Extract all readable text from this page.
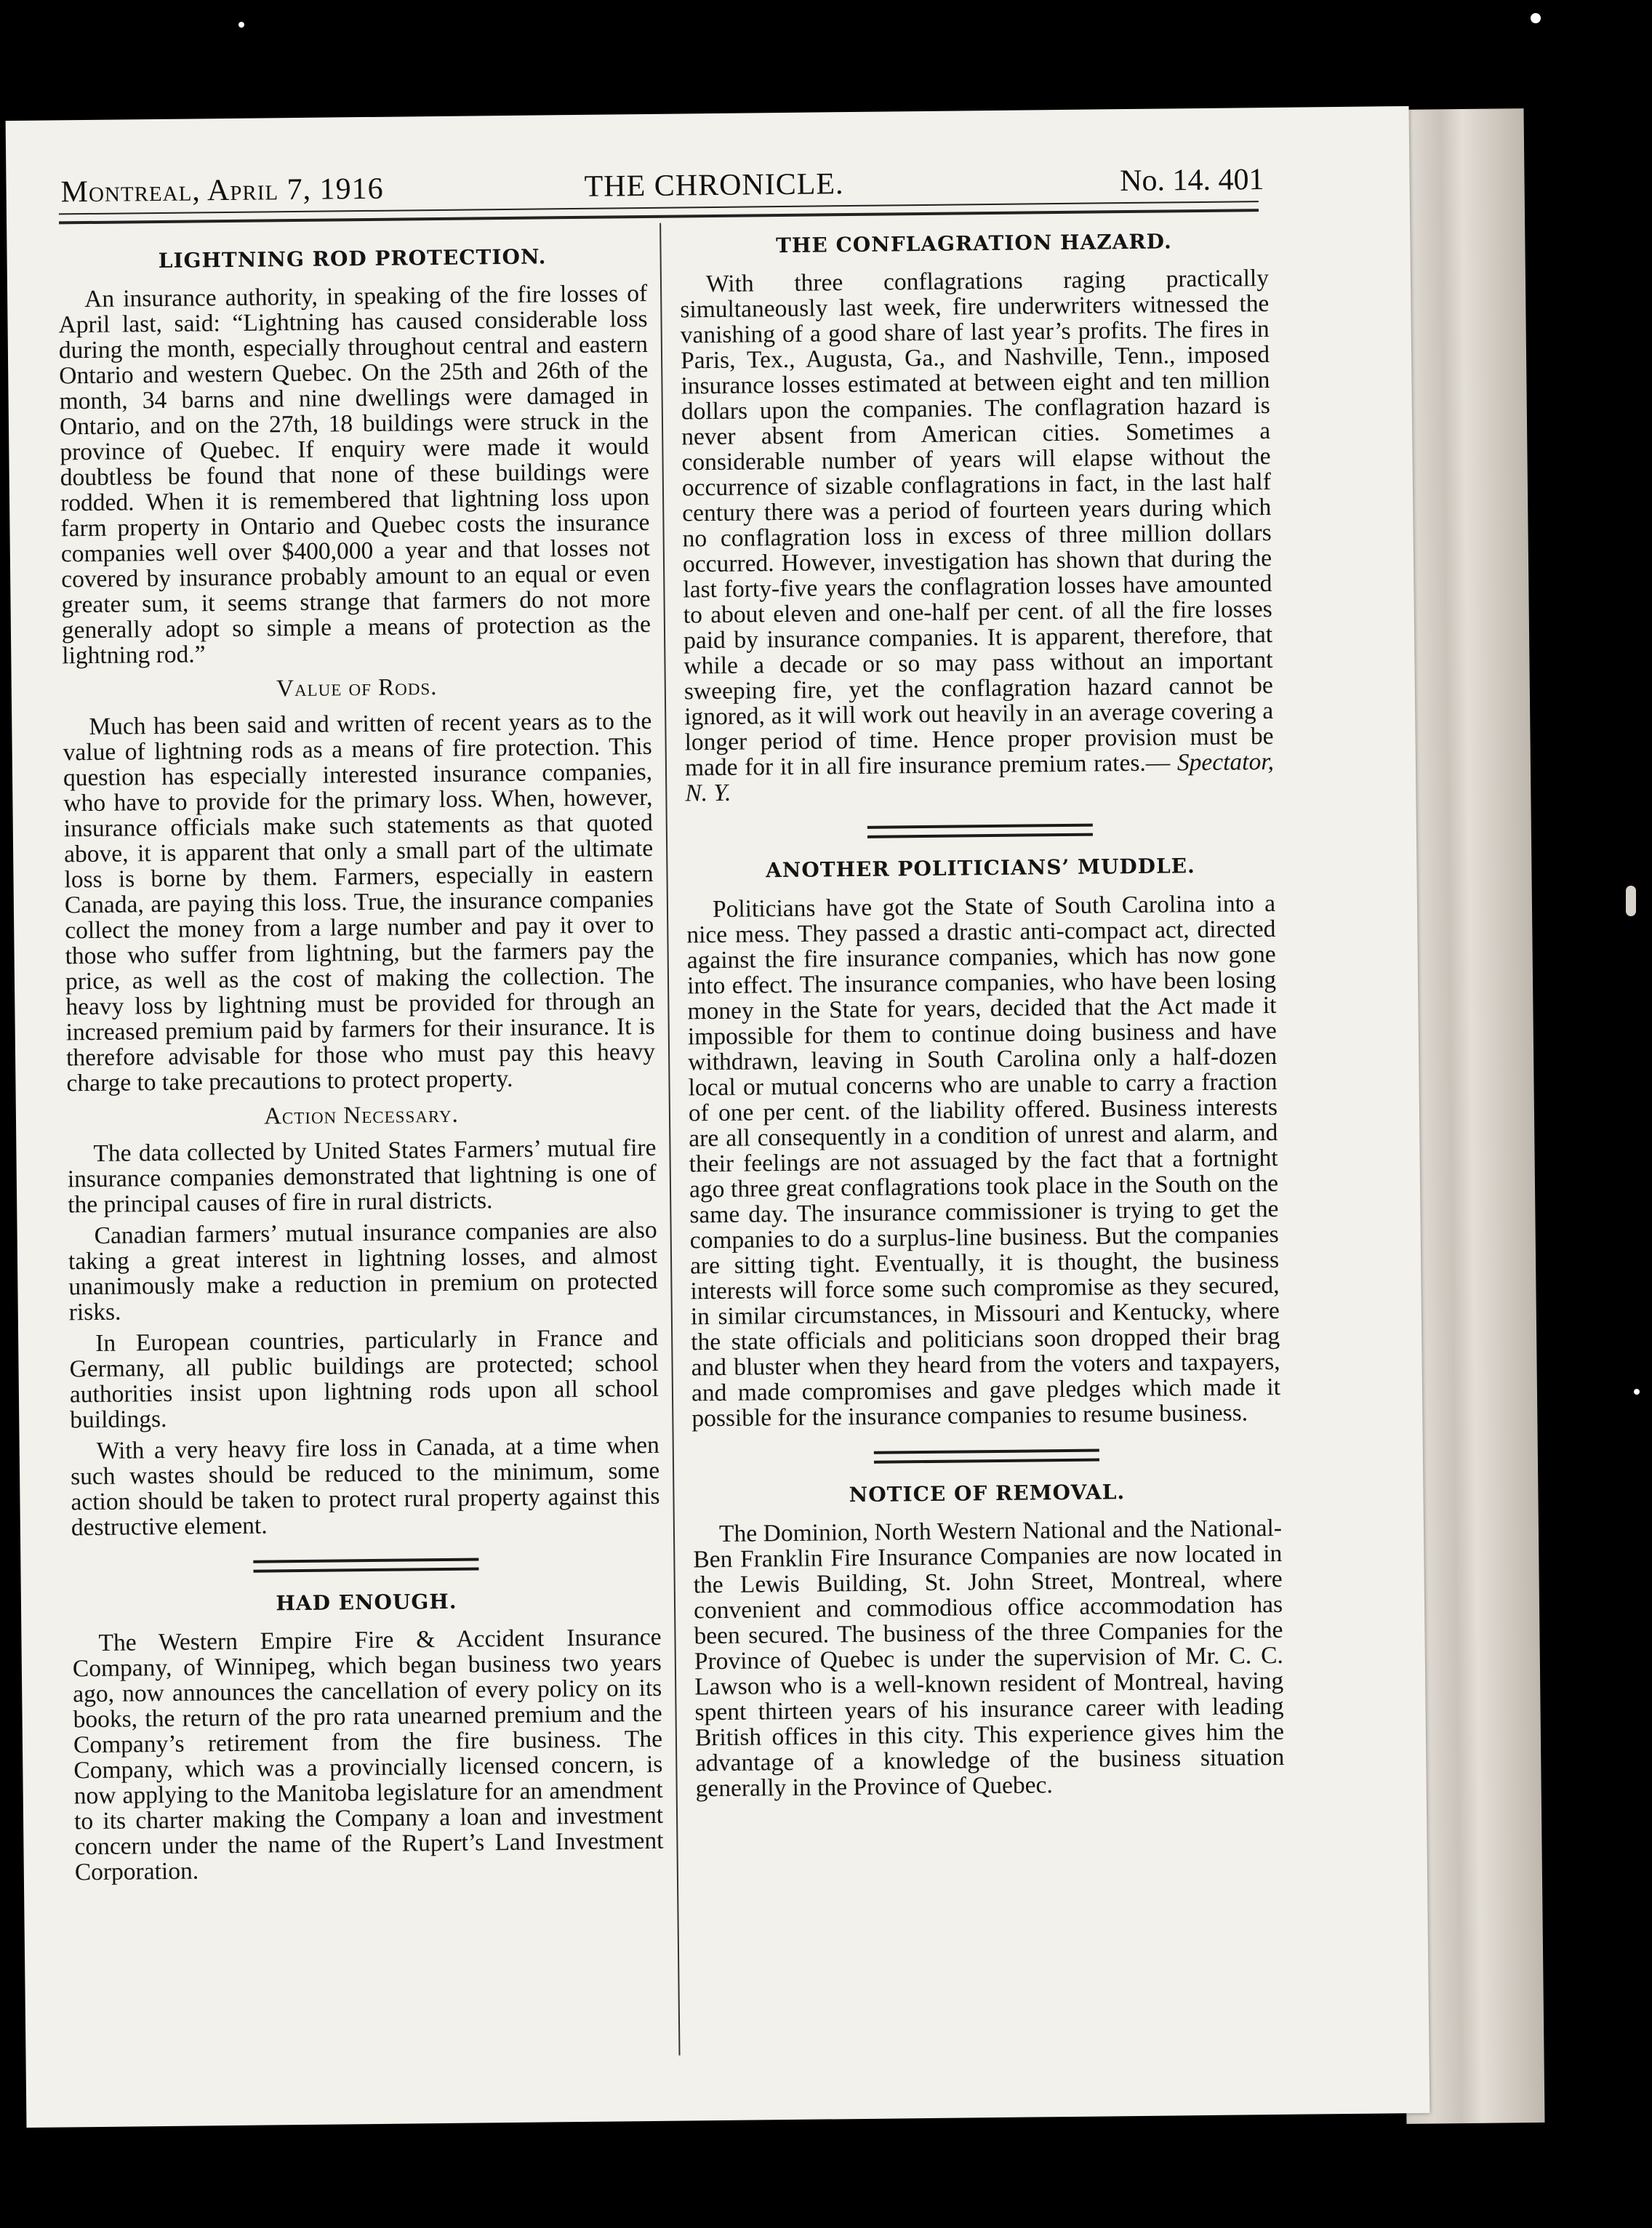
Montreal, April 7, 1916	THE CHRONICLE.	No. 14. 401
LIGHTNING ROD PROTECTION.

An insurance authority, in speaking of the fire losses of April last, said: “Lightning has caused considerable loss during the month, especially throughout central and eastern Ontario and western Quebec. On the 25th and 26th of the month, 34 barns and nine dwellings were damaged in Ontario, and on the 27th, 18 buildings were struck in the province of Quebec. If enquiry were made it would doubtless be found that none of these buildings were rodded. When it is remembered that lightning loss upon farm property in Ontario and Quebec costs the insurance companies well over $400,000 a year and that losses not covered by insurance probably amount to an equal or even greater sum, it seems strange that farmers do not more generally adopt so simple a means of protection as the lightning rod.”

Value of Rods.

Much has been said and written of recent years as to the value of lightning rods as a means of fire protection. This question has especially interested insurance companies, who have to provide for the primary loss. When, however, insurance officials make such statements as that quoted above, it is apparent that only a small part of the ultimate loss is borne by them. Farmers, especially in eastern Canada, are paying this loss. True, the insurance companies collect the money from a large number and pay it over to those who suffer from lightning, but the farmers pay the price, as well as the cost of making the collection. The heavy loss by lightning must be provided for through an increased premium paid by farmers for their insurance. It is therefore advisable for those who must pay this heavy charge to take precautions to protect property.

Action Necessary.

The data collected by United States Farmers’ mutual fire insurance companies demonstrated that lightning is one of the principal causes of fire in rural districts.

Canadian farmers’ mutual insurance companies are also taking a great interest in lightning losses, and almost unanimously make a reduction in premium on protected risks.

In European countries, particularly in France and Germany, all public buildings are protected; school authorities insist upon lightning rods upon all school buildings.

With a very heavy fire loss in Canada, at a time when such wastes should be reduced to the minimum, some action should be taken to protect rural property against this destructive element.

HAD ENOUGH.

The Western Empire Fire & Accident Insurance Company, of Winnipeg, which began business two years ago, now announces the cancellation of every policy on its books, the return of the pro rata unearned premium and the Company’s retirement from the fire business. The Company, which was a provincially licensed concern, is now applying to the Manitoba legislature for an amendment to its charter making the Company a loan and investment concern under the name of the Rupert’s Land Investment Corporation.

THE CONFLAGRATION HAZARD.

With three conflagrations raging practically simultaneously last week, fire underwriters witnessed the vanishing of a good share of last year’s profits. The fires in Paris, Tex., Augusta, Ga., and Nashville, Tenn., imposed insurance losses estimated at between eight and ten million dollars upon the companies. The conflagration hazard is never absent from American cities. Sometimes a considerable number of years will elapse without the occurrence of sizable conflagrations in fact, in the last half century there was a period of fourteen years during which no conflagration loss in excess of three million dollars occurred. However, investigation has shown that during the last forty-five years the conflagration losses have amounted to about eleven and one-half per cent. of all the fire losses paid by insurance companies. It is apparent, therefore, that while a decade or so may pass without an important sweeping fire, yet the conflagration hazard cannot be ignored, as it will work out heavily in an average covering a longer period of time. Hence proper provision must be made for it in all fire insurance premium rates.— Spectator, N. Y.

ANOTHER POLITICIANS’ MUDDLE.

Politicians have got the State of South Carolina into a nice mess. They passed a drastic anti-compact act, directed against the fire insurance companies, which has now gone into effect. The insurance companies, who have been losing money in the State for years, decided that the Act made it impossible for them to continue doing business and have withdrawn, leaving in South Carolina only a half-dozen local or mutual concerns who are unable to carry a fraction of one per cent. of the liability offered. Business interests are all consequently in a condition of unrest and alarm, and their feelings are not assuaged by the fact that a fortnight ago three great conflagrations took place in the South on the same day. The insurance commissioner is trying to get the companies to do a surplus-line business. But the companies are sitting tight. Eventually, it is thought, the business interests will force some such compromise as they secured, in similar circumstances, in Missouri and Kentucky, where the state officials and politicians soon dropped their brag and bluster when they heard from the voters and taxpayers, and made compromises and gave pledges which made it possible for the insurance companies to resume business.

NOTICE OF REMOVAL.

The Dominion, North Western National and the National-Ben Franklin Fire Insurance Companies are now located in the Lewis Building, St. John Street, Montreal, where convenient and commodious office accommodation has been secured. The business of the three Companies for the Province of Quebec is under the supervision of Mr. C. C. Lawson who is a well-known resident of Montreal, having spent thirteen years of his insurance career with leading British offices in this city. This experience gives him the advantage of a knowledge of the business situation generally in the Province of Quebec.
